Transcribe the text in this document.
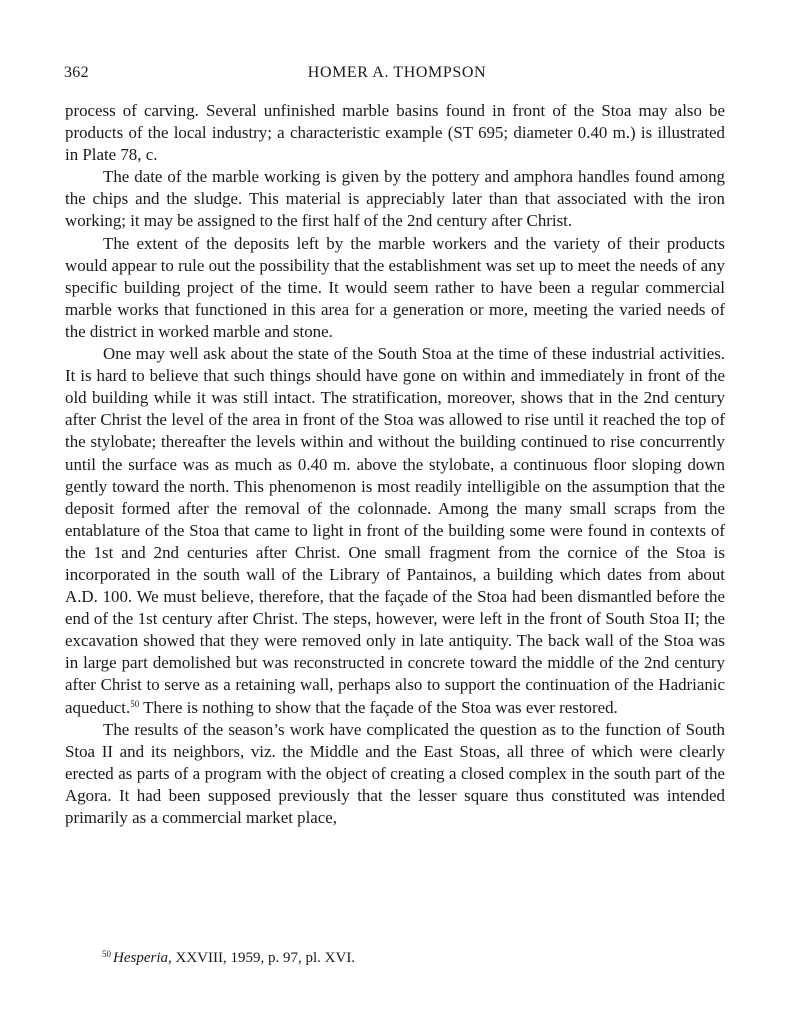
362	HOMER A. THOMPSON

process of carving. Several unfinished marble basins found in front of the Stoa may also be products of the local industry; a characteristic example (ST 695; diameter 0.40 m.) is illustrated in Plate 78, c.

The date of the marble working is given by the pottery and amphora handles found among the chips and the sludge. This material is appreciably later than that associated with the iron working; it may be assigned to the first half of the 2nd century after Christ.

The extent of the deposits left by the marble workers and the variety of their products would appear to rule out the possibility that the establishment was set up to meet the needs of any specific building project of the time. It would seem rather to have been a regular commercial marble works that functioned in this area for a generation or more, meeting the varied needs of the district in worked marble and stone.

One may well ask about the state of the South Stoa at the time of these industrial activities. It is hard to believe that such things should have gone on within and immediately in front of the old building while it was still intact. The stratification, moreover, shows that in the 2nd century after Christ the level of the area in front of the Stoa was allowed to rise until it reached the top of the stylobate; thereafter the levels within and without the building continued to rise concurrently until the surface was as much as 0.40 m. above the stylobate, a continuous floor sloping down gently toward the north. This phenomenon is most readily intelligible on the assumption that the deposit formed after the removal of the colonnade. Among the many small scraps from the entablature of the Stoa that came to light in front of the building some were found in contexts of the 1st and 2nd centuries after Christ. One small fragment from the cornice of the Stoa is incorporated in the south wall of the Library of Pantainos, a building which dates from about A.D. 100. We must believe, therefore, that the façade of the Stoa had been dismantled before the end of the 1st century after Christ. The steps, however, were left in the front of South Stoa II; the excavation showed that they were removed only in late antiquity. The back wall of the Stoa was in large part demolished but was reconstructed in concrete toward the middle of the 2nd century after Christ to serve as a retaining wall, perhaps also to support the continuation of the Hadrianic aqueduct.$^{50}$ There is nothing to show that the façade of the Stoa was ever restored.

The results of the season’s work have complicated the question as to the function of South Stoa II and its neighbors, viz. the Middle and the East Stoas, all three of which were clearly erected as parts of a program with the object of creating a closed complex in the south part of the Agora. It had been supposed previously that the lesser square thus constituted was intended primarily as a commercial market place,

$^{50}$ Hesperia, XXVIII, 1959, p. 97, pl. XVI.
